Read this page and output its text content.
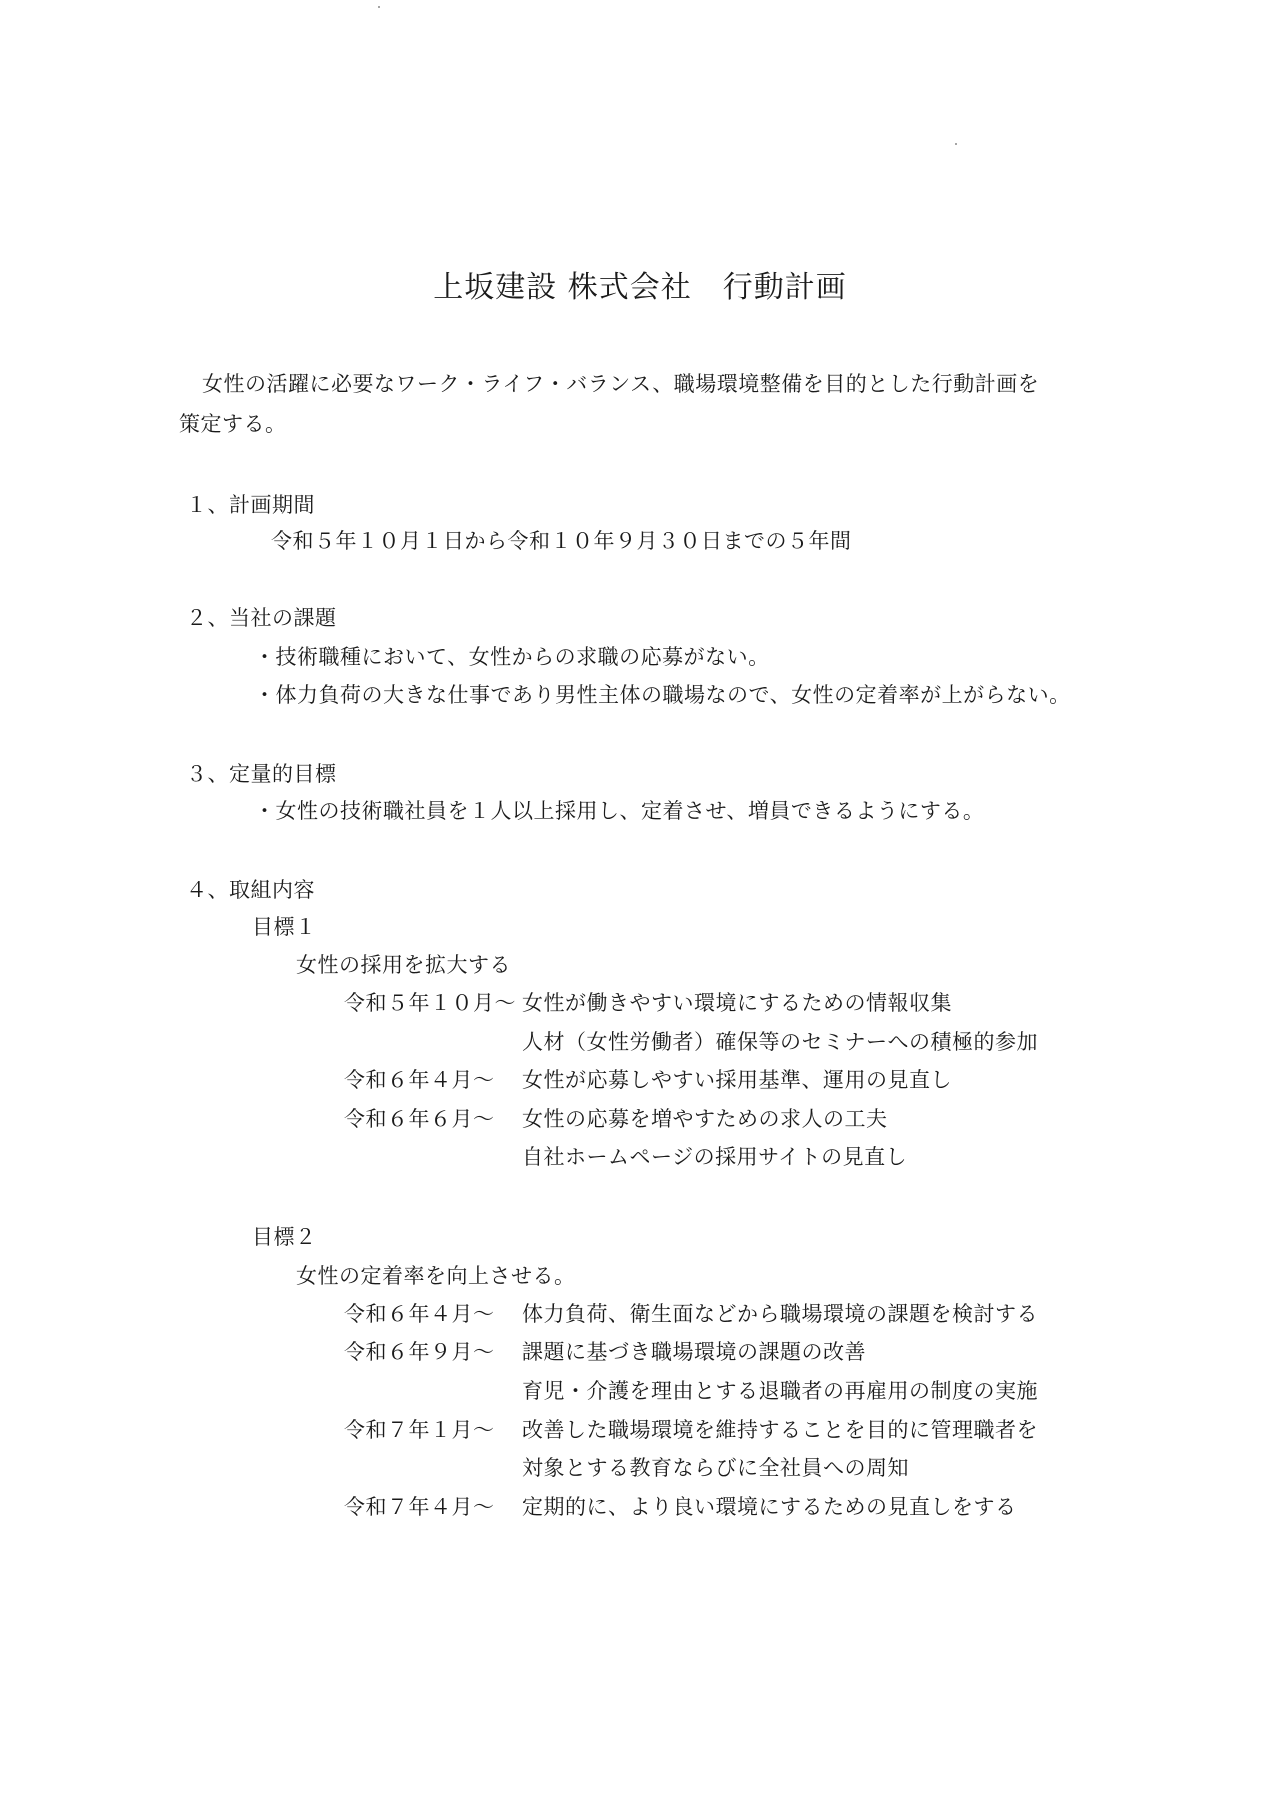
上坂建設 株式会社　行動計画
女性の活躍に必要なワーク・ライフ・バランス、職場環境整備を目的とした行動計画を
策定する。
１、計画期間
令和５年１０月１日から令和１０年９月３０日までの５年間
２、当社の課題
・技術職種において、女性からの求職の応募がない。
・体力負荷の大きな仕事であり男性主体の職場なので、女性の定着率が上がらない。
３、定量的目標
・女性の技術職社員を１人以上採用し、定着させ、増員できるようにする。
４、取組内容
目標１
女性の採用を拡大する
令和５年１０月～ 女性が働きやすい環境にするための情報収集
人材（女性労働者）確保等のセミナーへの積極的参加
令和６年４月～ 女性が応募しやすい採用基準、運用の見直し
令和６年６月～ 女性の応募を増やすための求人の工夫
自社ホームページの採用サイトの見直し
目標２
女性の定着率を向上させる。
令和６年４月～ 体力負荷、衛生面などから職場環境の課題を検討する
令和６年９月～ 課題に基づき職場環境の課題の改善
育児・介護を理由とする退職者の再雇用の制度の実施
令和７年１月～ 改善した職場環境を維持することを目的に管理職者を
対象とする教育ならびに全社員への周知
令和７年４月～ 定期的に、より良い環境にするための見直しをする
